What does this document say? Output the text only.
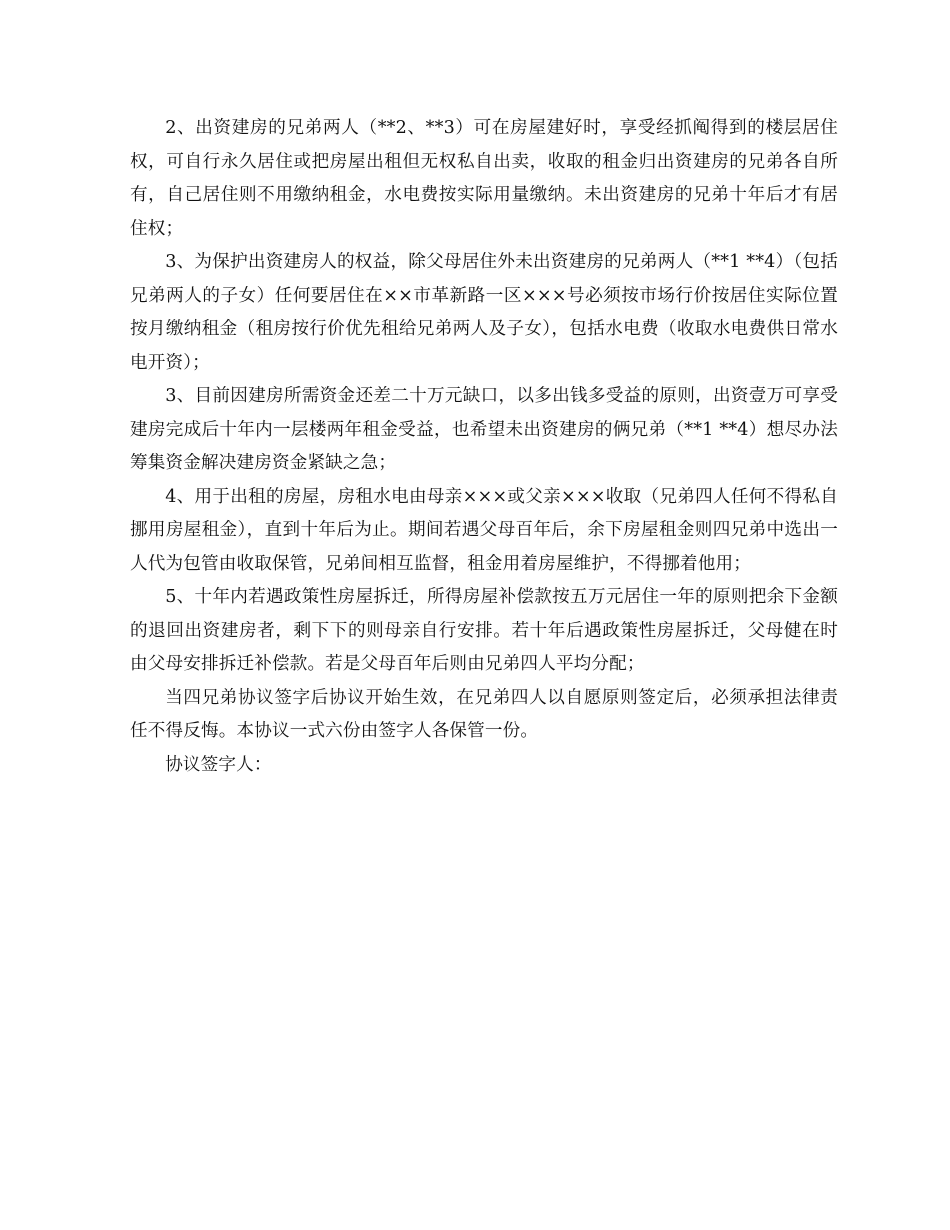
2、出资建房的兄弟两人（**2、**3）可在房屋建好时，享受经抓阄得到的楼层居住权，可自行永久居住或把房屋出租但无权私自出卖，收取的租金归出资建房的兄弟各自所有，自己居住则不用缴纳租金，水电费按实际用量缴纳。未出资建房的兄弟十年后才有居住权；

3、为保护出资建房人的权益，除父母居住外未出资建房的兄弟两人（**1 **4）（包括兄弟两人的子女）任何要居住在××市革新路一区×××号必须按市场行价按居住实际位置按月缴纳租金（租房按行价优先租给兄弟两人及子女），包括水电费（收取水电费供日常水电开资）；

3、目前因建房所需资金还差二十万元缺口，以多出钱多受益的原则，出资壹万可享受建房完成后十年内一层楼两年租金受益，也希望未出资建房的俩兄弟（**1 **4）想尽办法筹集资金解决建房资金紧缺之急；

4、用于出租的房屋，房租水电由母亲×××或父亲×××收取（兄弟四人任何不得私自挪用房屋租金），直到十年后为止。期间若遇父母百年后，余下房屋租金则四兄弟中选出一人代为包管由收取保管，兄弟间相互监督，租金用着房屋维护，不得挪着他用；

5、十年内若遇政策性房屋拆迁，所得房屋补偿款按五万元居住一年的原则把余下金额的退回出资建房者，剩下下的则母亲自行安排。若十年后遇政策性房屋拆迁，父母健在时由父母安排拆迁补偿款。若是父母百年后则由兄弟四人平均分配；

当四兄弟协议签字后协议开始生效，在兄弟四人以自愿原则签定后，必须承担法律责任不得反悔。本协议一式六份由签字人各保管一份。

协议签字人：
